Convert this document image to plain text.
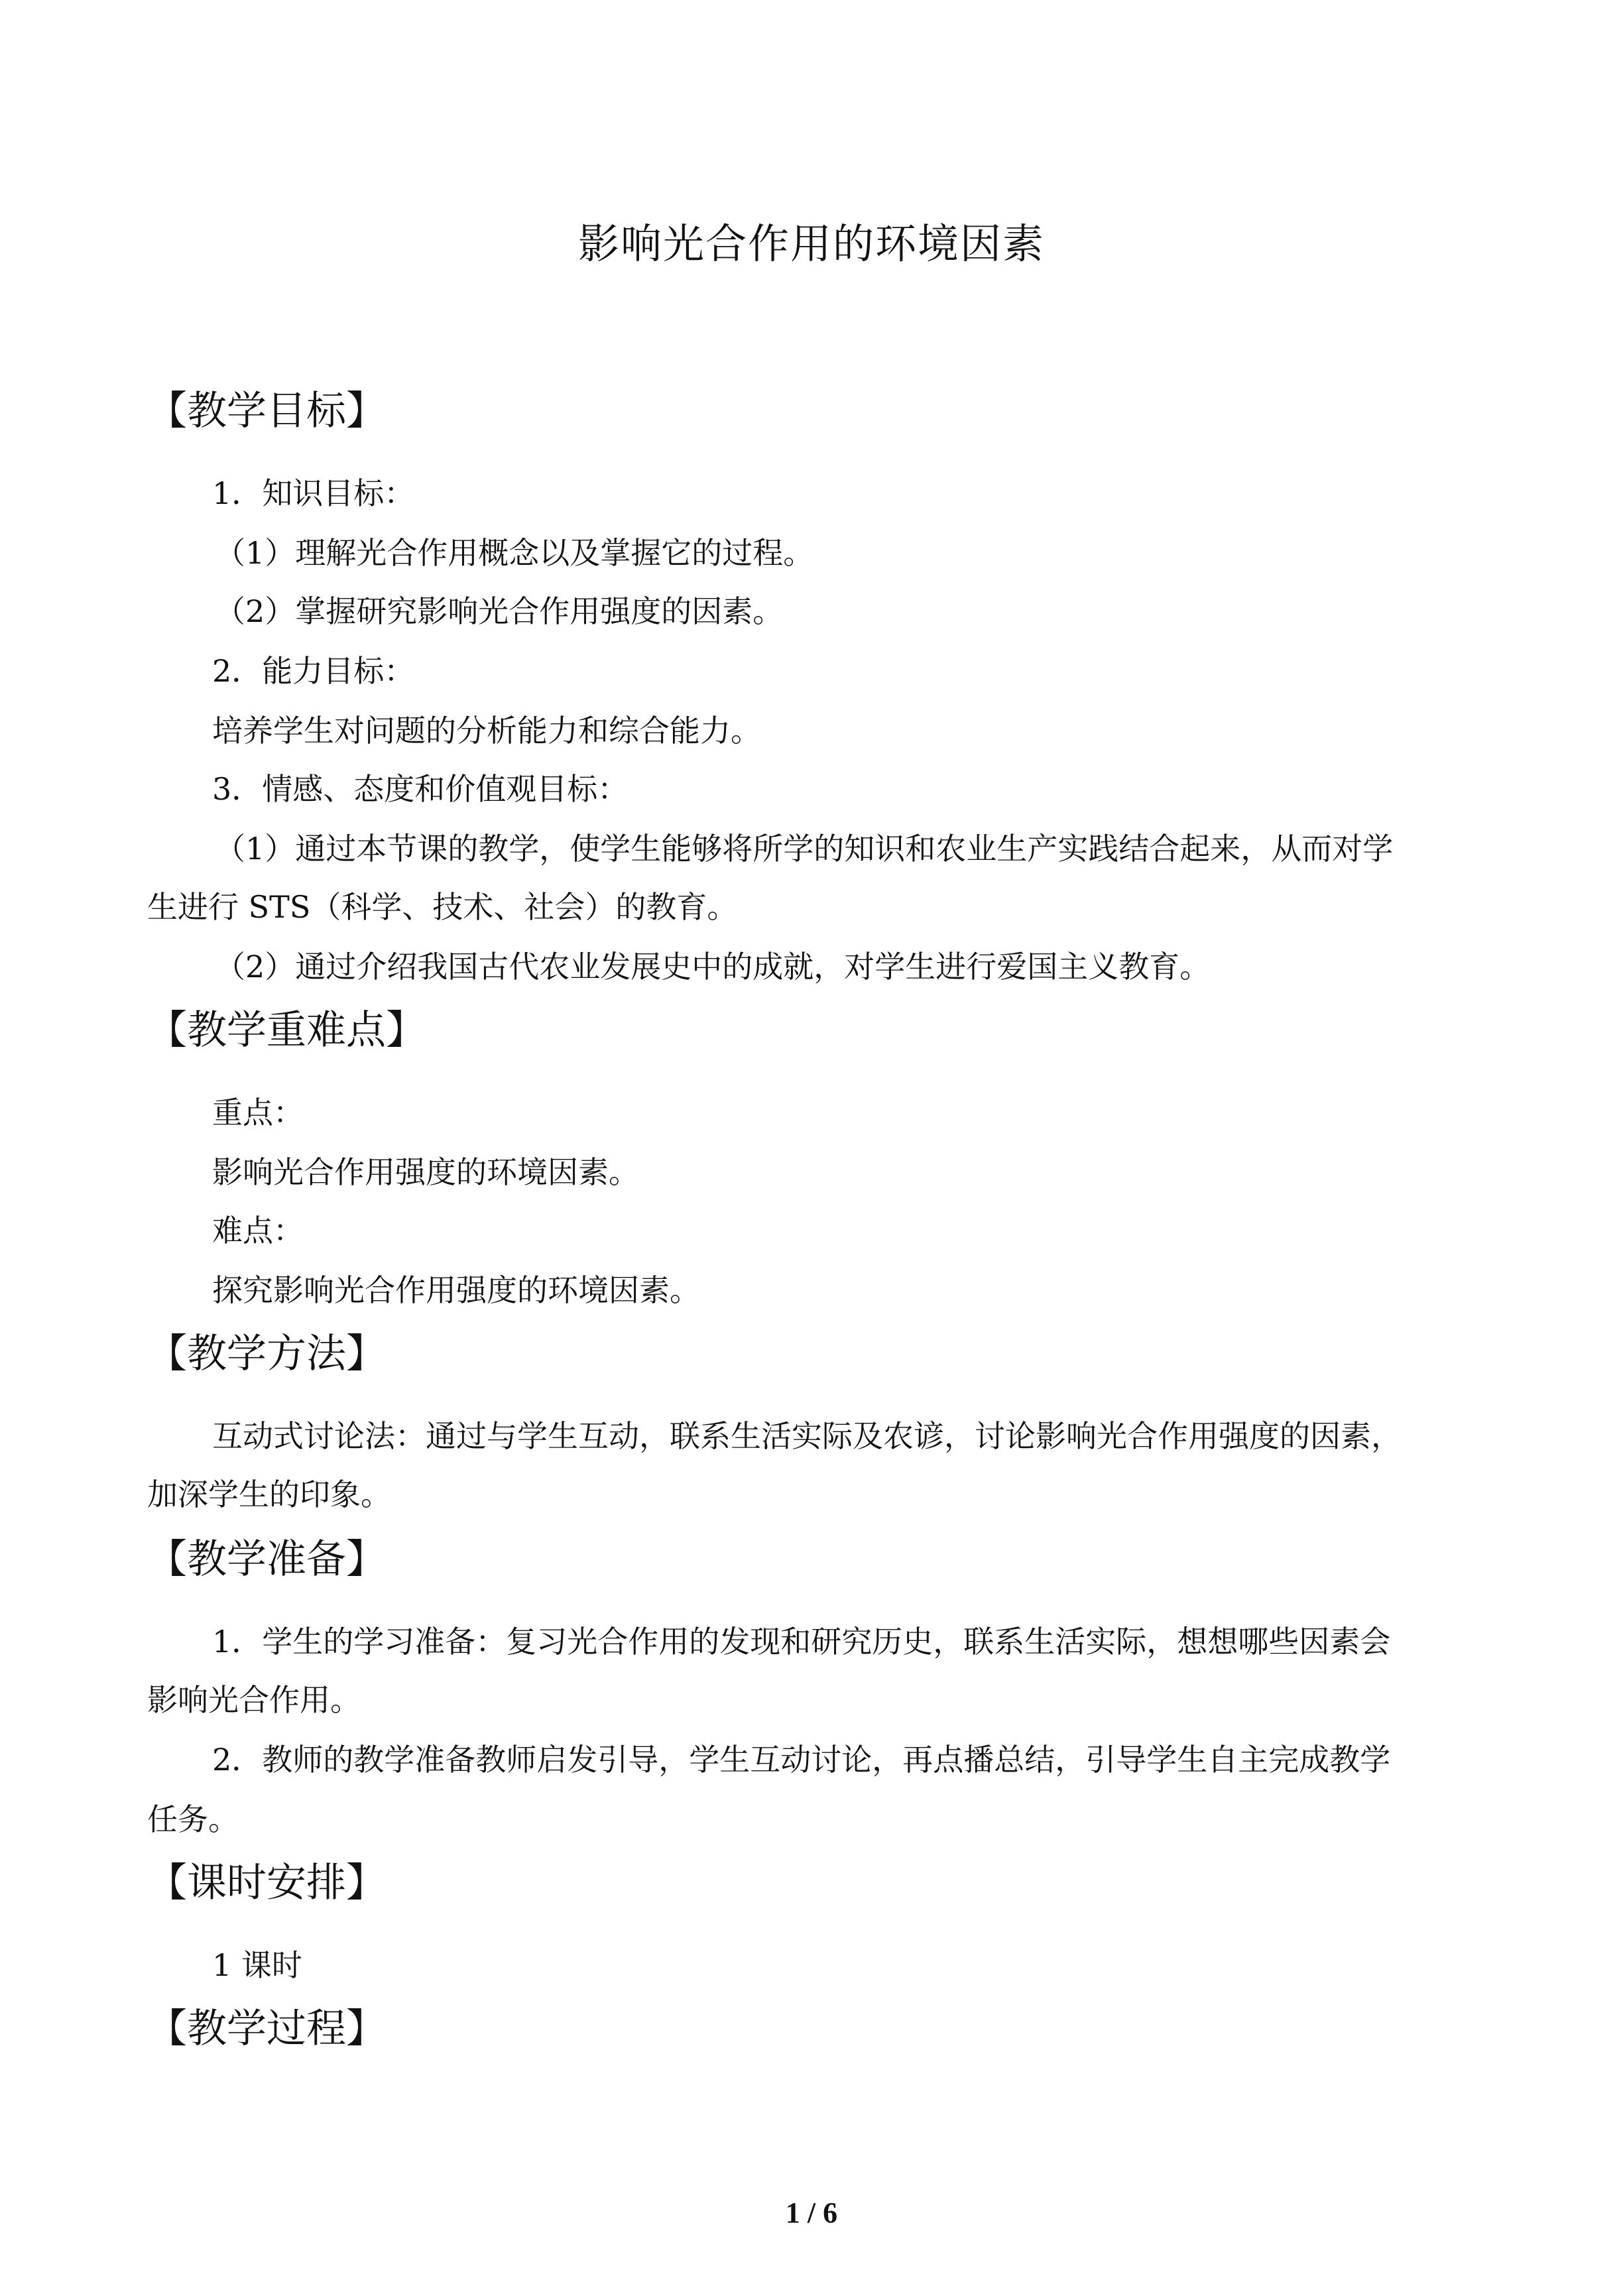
影响光合作用的环境因素
【教学目标】
1．知识目标：
（1）理解光合作用概念以及掌握它的过程。
（2）掌握研究影响光合作用强度的因素。
2．能力目标：
培养学生对问题的分析能力和综合能力。
3．情感、态度和价值观目标：
（1）通过本节课的教学，使学生能够将所学的知识和农业生产实践结合起来，从而对学
生进行 STS（科学、技术、社会）的教育。
（2）通过介绍我国古代农业发展史中的成就，对学生进行爱国主义教育。
【教学重难点】
重点：
影响光合作用强度的环境因素。
难点：
探究影响光合作用强度的环境因素。
【教学方法】
互动式讨论法：通过与学生互动，联系生活实际及农谚，讨论影响光合作用强度的因素，
加深学生的印象。
【教学准备】
1．学生的学习准备：复习光合作用的发现和研究历史，联系生活实际，想想哪些因素会
影响光合作用。
2．教师的教学准备教师启发引导，学生互动讨论，再点播总结，引导学生自主完成教学
任务。
【课时安排】
1 课时
【教学过程】
1 / 6
